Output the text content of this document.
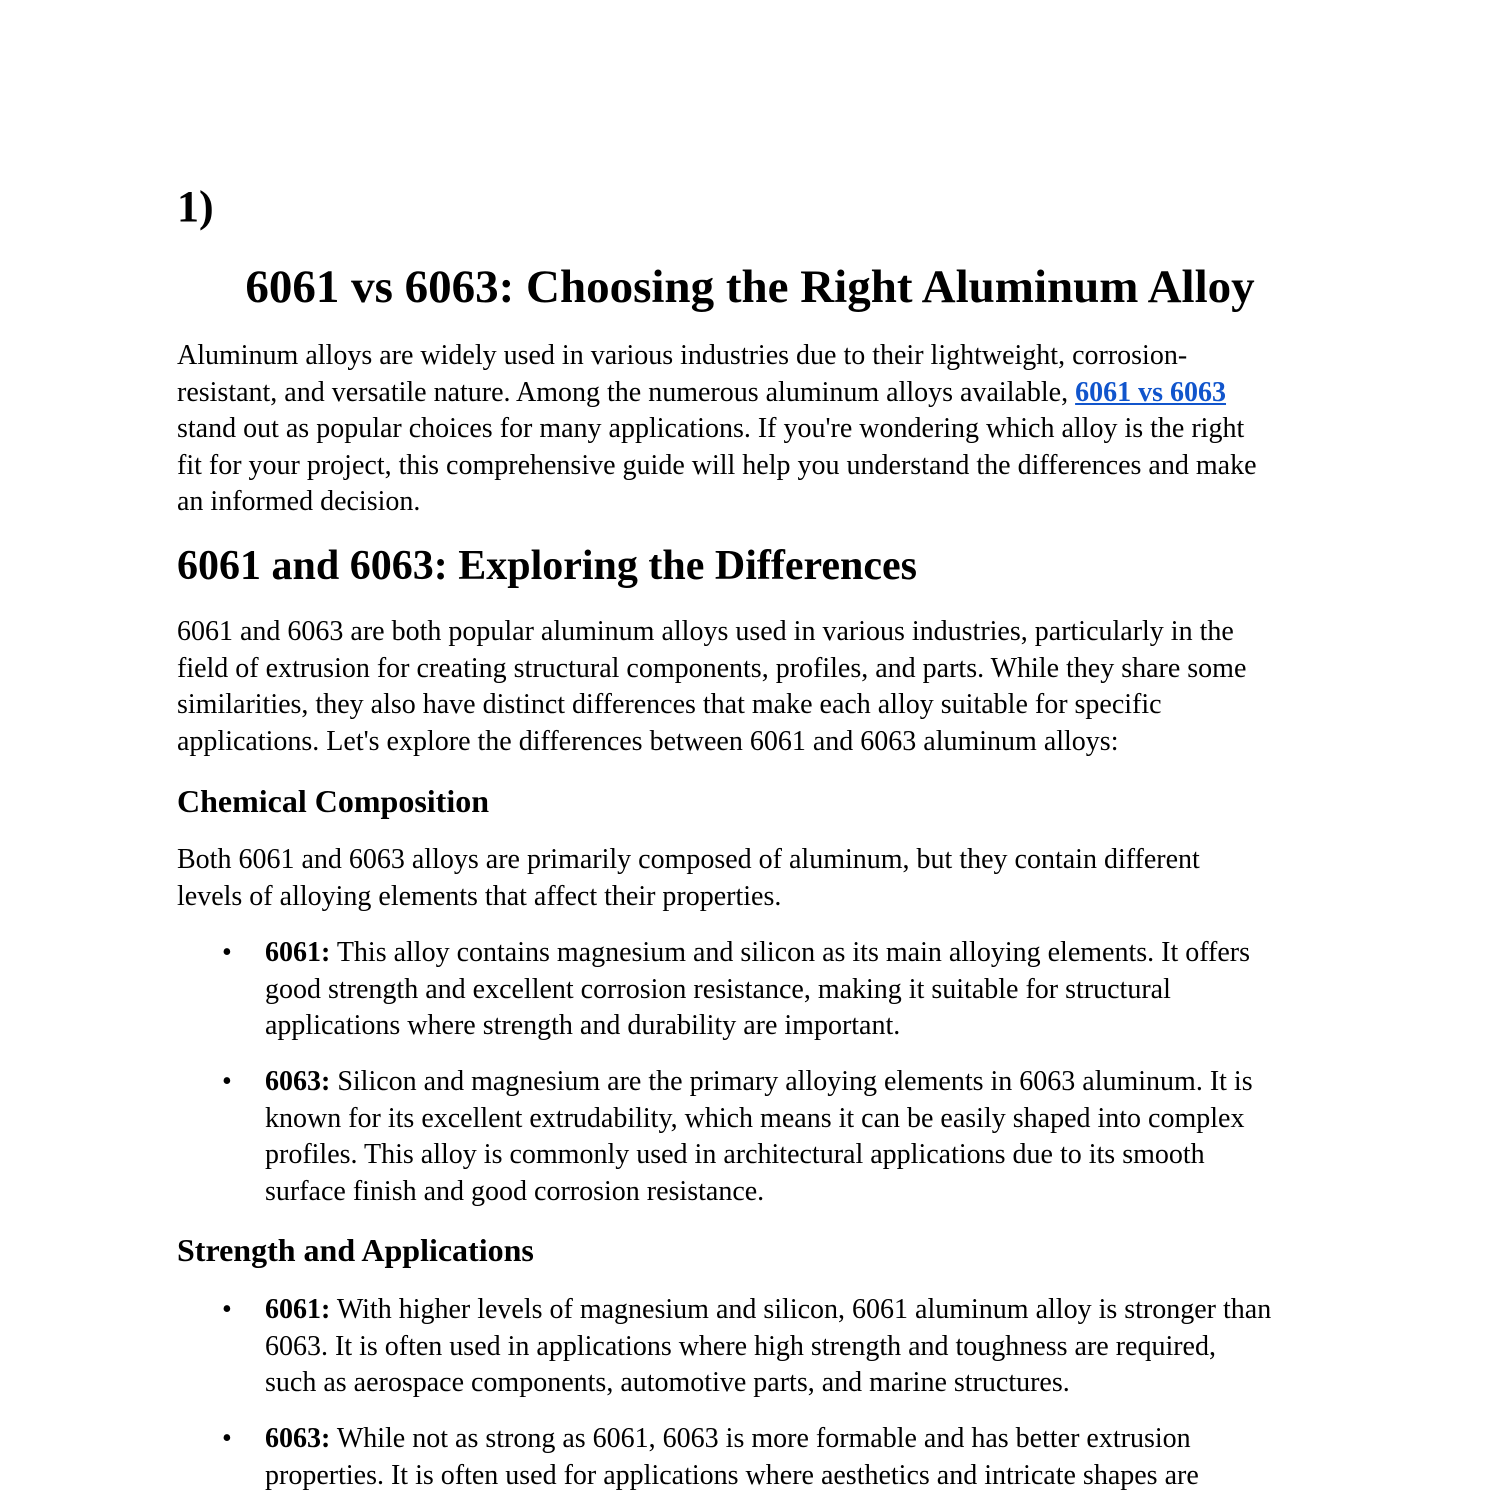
1)
6061 vs 6063: Choosing the Right Aluminum Alloy
Aluminum alloys are widely used in various industries due to their lightweight, corrosion-
resistant, and versatile nature. Among the numerous aluminum alloys available, 6061 vs 6063
stand out as popular choices for many applications. If you're wondering which alloy is the right
fit for your project, this comprehensive guide will help you understand the differences and make
an informed decision.
6061 and 6063: Exploring the Differences
6061 and 6063 are both popular aluminum alloys used in various industries, particularly in the
field of extrusion for creating structural components, profiles, and parts. While they share some
similarities, they also have distinct differences that make each alloy suitable for specific
applications. Let's explore the differences between 6061 and 6063 aluminum alloys:
Chemical Composition
Both 6061 and 6063 alloys are primarily composed of aluminum, but they contain different
levels of alloying elements that affect their properties.
• 6061: This alloy contains magnesium and silicon as its main alloying elements. It offers
good strength and excellent corrosion resistance, making it suitable for structural
applications where strength and durability are important.
• 6063: Silicon and magnesium are the primary alloying elements in 6063 aluminum. It is
known for its excellent extrudability, which means it can be easily shaped into complex
profiles. This alloy is commonly used in architectural applications due to its smooth
surface finish and good corrosion resistance.
Strength and Applications
• 6061: With higher levels of magnesium and silicon, 6061 aluminum alloy is stronger than
6063. It is often used in applications where high strength and toughness are required,
such as aerospace components, automotive parts, and marine structures.
• 6063: While not as strong as 6061, 6063 is more formable and has better extrusion
properties. It is often used for applications where aesthetics and intricate shapes are
